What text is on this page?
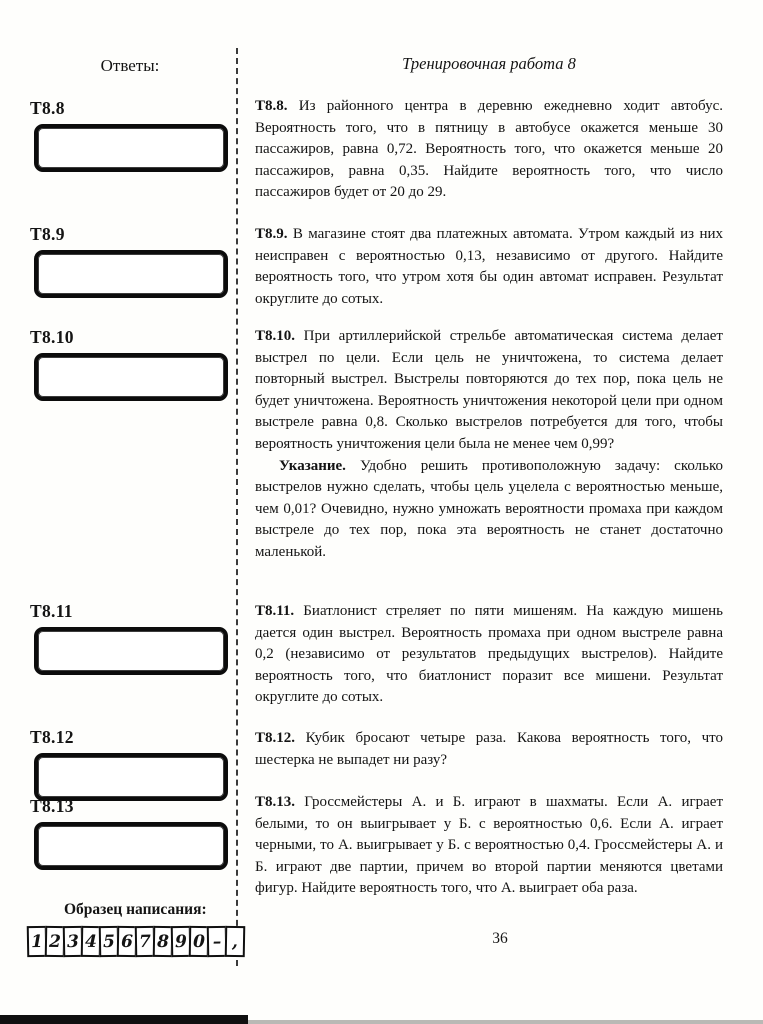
Ответы:	Тренировочная работа 8
Т8.8
Т8.9
Т8.10
Т8.11
Т8.12
Т8.13

Т8.8. Из районного центра в деревню ежедневно ходит автобус. Вероятность того, что в пятницу в автобусе окажется меньше 30 пассажиров, равна 0,72. Вероятность того, что окажется меньше 20 пассажиров, равна 0,35. Найдите вероятность того, что число пассажиров будет от 20 до 29.

Т8.9. В магазине стоят два платежных автомата. Утром каждый из них неисправен с вероятностью 0,13, независимо от другого. Найдите вероятность того, что утром хотя бы один автомат исправен. Результат округлите до сотых.

Т8.10. При артиллерийской стрельбе автоматическая система делает выстрел по цели. Если цель не уничтожена, то система делает повторный выстрел. Выстрелы повторяются до тех пор, пока цель не будет уничтожена. Вероятность уничтожения некоторой цели при одном выстреле равна 0,8. Сколько выстрелов потребуется для того, чтобы вероятность уничтожения цели была не менее чем 0,99?

Указание. Удобно решить противоположную задачу: сколько выстрелов нужно сделать, чтобы цель уцелела с вероятностью меньше, чем 0,01? Очевидно, нужно умножать вероятности промаха при каждом выстреле до тех пор, пока эта вероятность не станет достаточно маленькой.

Т8.11. Биатлонист стреляет по пяти мишеням. На каждую мишень дается один выстрел. Вероятность промаха при одном выстреле равна 0,2 (независимо от результатов предыдущих выстрелов). Найдите вероятность того, что биатлонист поразит все мишени. Результат округлите до сотых.

Т8.12. Кубик бросают четыре раза. Какова вероятность того, что шестерка не выпадет ни разу?

Т8.13. Гроссмейстеры А. и Б. играют в шахматы. Если А. играет белыми, то он выигрывает у Б. с вероятностью 0,6. Если А. играет черными, то А. выигрывает у Б. с вероятностью 0,4. Гроссмейстеры А. и Б. играют две партии, причем во второй партии меняются цветами фигур. Найдите вероятность того, что А. выиграет оба раза.

Образец написания:
1 2 3 4 5 6 7 8 9 0 – ,	36
